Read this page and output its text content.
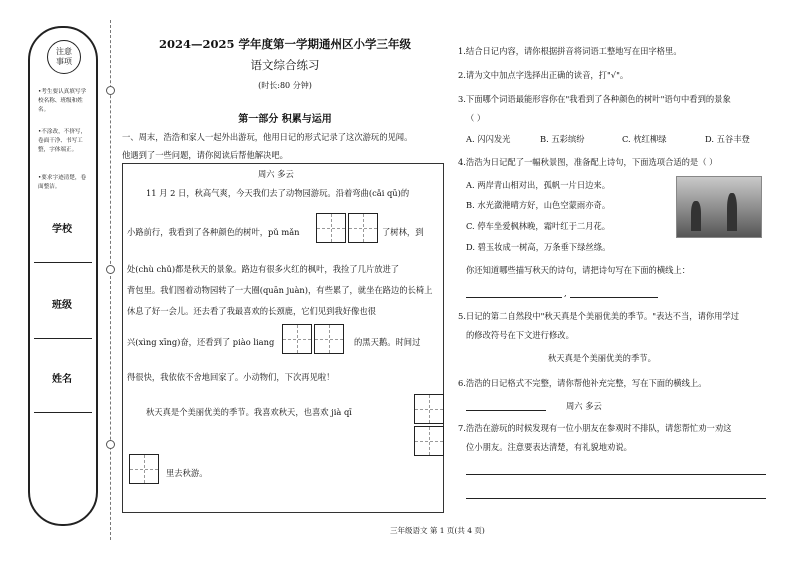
注意
事项
•考生要认真填写学校名称、班级和姓名。
•不涂改，不挤写，卷面干净、书写工整，字体端正。
•要求字迹清楚，卷面整洁。
学校
班级
姓名
2024—2025 学年度第一学期通州区小学三年级
语文综合练习
(时长:80 分钟)
第一部分 积累与运用
一、周末，浩浩和家人一起外出游玩，他用日记的形式记录了这次游玩的见闻。
他遇到了一些问题，请你阅读后帮他解决吧。
周六 多云
11 月 2 日，秋高气爽，今天我们去了动物园游玩。沿着弯曲(cǎi qū)的
小路前行，我看到了各种颜色的树叶，pǔ mǎn	了树林，到
处(chù chǔ)都是秋天的景象。路边有很多火红的枫叶，我捡了几片放进了
背包里。我们图着动物园转了一大圈(quān juàn)，有些累了，就坐在路边的长椅上
休息了好一会儿。还去看了我最喜欢的长颈鹿，它们见到我好像也很
兴(xìng xīng)奋，还看到了 piào liang	的黑天鹅。时间过
得很快，我依依不舍地回家了。小动物们，下次再见啦！
秋天真是个美丽优美的季节。我喜欢秋天，也喜欢 jià qī
里去秋游。
1.结合日记内容，请你根据拼音将词语工整地写在田字格里。
2.请为文中加点字选择出正确的读音，打"√"。
3.下面哪个词语最能形容你在"我看到了各种颜色的树叶"语句中看到的景象
（ ）
A. 闪闪发光	B. 五彩缤纷	C. 枕红柳绿	D. 五谷丰登
4.浩浩为日记配了一幅秋景图，准备配上诗句，下面选项合适的是（ ）
A. 两岸青山相对出，孤帆一片日边来。
B. 水光潋滟晴方好，山色空蒙雨亦奇。
C. 停车坐爱枫林晚，霜叶红于二月花。
D. 碧玉妆成一树高，万条垂下绿丝绦。
你还知道哪些描写秋天的诗句，请把诗句写在下面的横线上：
,
5.日记的第二自然段中"秋天真是个美丽优美的季节。"表达不当，请你用学过
的修改符号在下文进行修改。
秋天真是个美丽优美的季节。
6.浩浩的日记格式不完整，请你帮他补充完整，写在下面的横线上。
周六 多云
7.浩浩在游玩的时候发现有一位小朋友在参观时不排队，请您帮忙劝一劝这
位小朋友。注意要表达清楚，有礼貌地劝说。
三年级语文 第 1 页(共 4 页)
